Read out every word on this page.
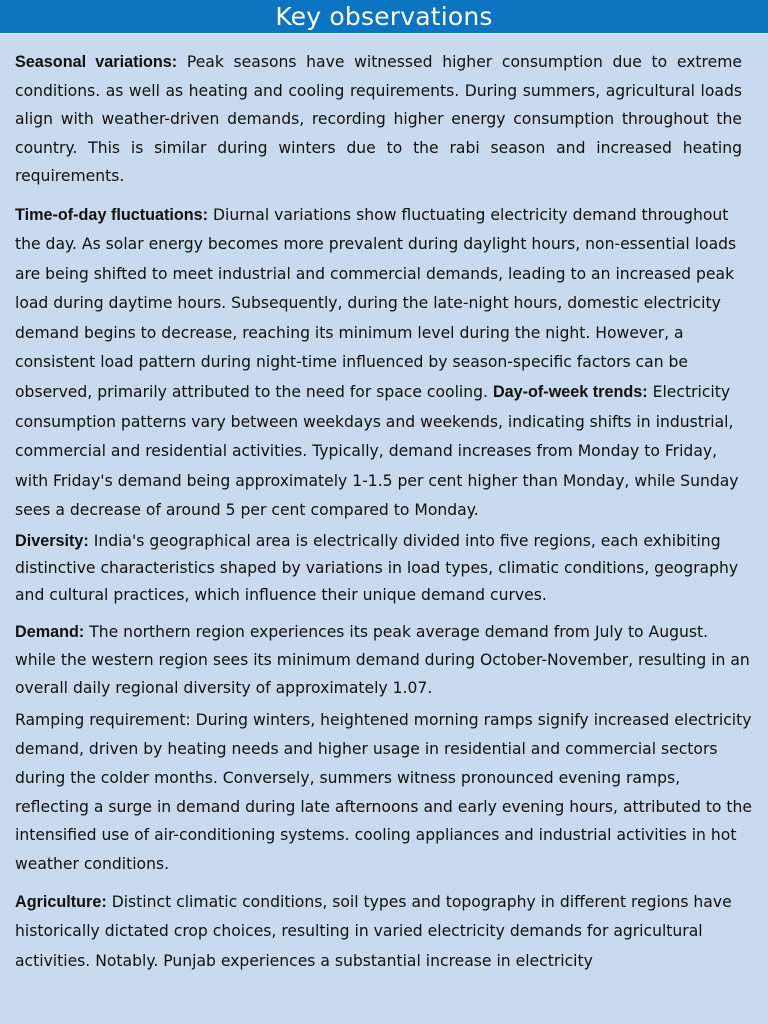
Key observations

Seasonal variations: Peak seasons have witnessed higher consumption due to extreme conditions. as well as heating and cooling requirements. During summers, agricultural loads align with weather-driven demands, recording higher energy consumption throughout the country. This is similar during winters due to the rabi season and increased heating requirements.

Time-of-day fluctuations: Diurnal variations show fluctuating electricity demand throughout the day. As solar energy becomes more prevalent during daylight hours, non-essential loads are being shifted to meet industrial and commercial demands, leading to an increased peak load during daytime hours. Subsequently, during the late-night hours, domestic electricity demand begins to decrease, reaching its minimum level during the night. However, a consistent load pattern during night-time influenced by season-specific factors can be observed, primarily attributed to the need for space cooling. Day-of-week trends: Electricity consumption patterns vary between weekdays and weekends, indicating shifts in industrial, commercial and residential activities. Typically, demand increases from Monday to Friday, with Friday's demand being approximately 1-1.5 per cent higher than Monday, while Sunday sees a decrease of around 5 per cent compared to Monday.

Diversity: India's geographical area is electrically divided into five regions, each exhibiting distinctive characteristics shaped by variations in load types, climatic conditions, geography and cultural practices, which influence their unique demand curves.

Demand: The northern region experiences its peak average demand from July to August. while the western region sees its minimum demand during October-November, resulting in an overall daily regional diversity of approximately 1.07.

Ramping requirement: During winters, heightened morning ramps signify increased electricity demand, driven by heating needs and higher usage in residential and commercial sectors during the colder months. Conversely, summers witness pronounced evening ramps, reflecting a surge in demand during late afternoons and early evening hours, attributed to the intensified use of air-conditioning systems. cooling appliances and industrial activities in hot weather conditions.

Agriculture: Distinct climatic conditions, soil types and topography in different regions have historically dictated crop choices, resulting in varied electricity demands for agricultural activities. Notably. Punjab experiences a substantial increase in electricity
